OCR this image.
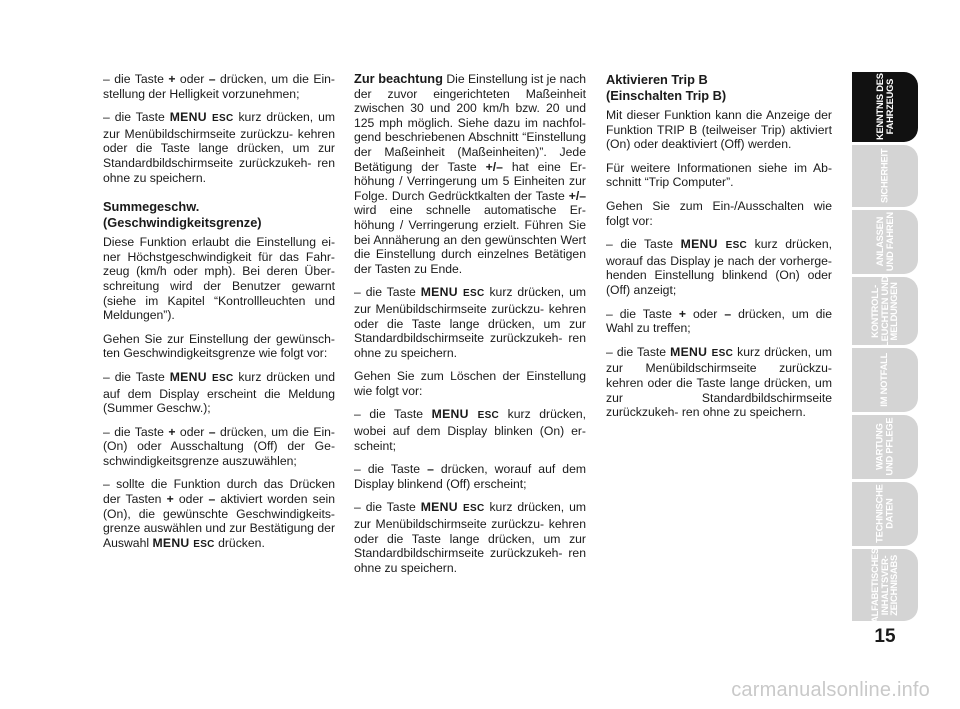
– die Taste + oder – drücken, um die Ein- stellung der Helligkeit vorzunehmen;

– die Taste MENU ESC kurz drücken, um zur Menübildschirmseite zurückzu- kehren oder die Taste lange drücken, um zur Standardbildschirmseite zurückzukeh- ren ohne zu speichern.

Summegeschw.
(Geschwindigkeitsgrenze)

Diese Funktion erlaubt die Einstellung ei- ner Höchstgeschwindigkeit für das Fahr- zeug (km/h oder mph). Bei deren Über- schreitung wird der Benutzer gewarnt (siehe im Kapitel “Kontrollleuchten und Meldungen”).

Gehen Sie zur Einstellung der gewünsch- ten Geschwindigkeitsgrenze wie folgt vor:

– die Taste MENU ESC kurz drücken und auf dem Display erscheint die Meldung (Summer Geschw.);

– die Taste + oder – drücken, um die Ein- (On) oder Ausschaltung (Off) der Ge- schwindigkeitsgrenze auszuwählen;

– sollte die Funktion durch das Drücken der Tasten + oder – aktiviert worden sein (On), die gewünschte Geschwindigkeits- grenze auswählen und zur Bestätigung der Auswahl MENU ESC drücken.

Zur beachtung Die Einstellung ist je nach der zuvor eingerichteten Maßeinheit zwischen 30 und 200 km/h bzw. 20 und 125 mph möglich. Siehe dazu im nachfol- gend beschriebenen Abschnitt “Einstellung der Maßeinheit (Maßeinheiten)”. Jede Betätigung der Taste +/– hat eine Er- höhung / Verringerung um 5 Einheiten zur Folge. Durch Gedrücktkalten der Taste +/– wird eine schnelle automatische Er- höhung / Verringerung erzielt. Führen Sie bei Annäherung an den gewünschten Wert die Einstellung durch einzelnes Betätigen der Tasten zu Ende.

– die Taste MENU ESC kurz drücken, um zur Menübildschirmseite zurückzu- kehren oder die Taste lange drücken, um zur Standardbildschirmseite zurückzukeh- ren ohne zu speichern.

Gehen Sie zum Löschen der Einstellung wie folgt vor:

– die Taste MENU ESC kurz drücken, wobei auf dem Display blinken (On) er- scheint;

– die Taste – drücken, worauf auf dem Display blinkend (Off) erscheint;

– die Taste MENU ESC kurz drücken, um zur Menübildschirmseite zurückzu- kehren oder die Taste lange drücken, um zur Standardbildschirmseite zurückzukeh- ren ohne zu speichern.

Aktivieren Trip B
(Einschalten Trip B)

Mit dieser Funktion kann die Anzeige der Funktion TRIP B (teilweiser Trip) aktiviert (On) oder deaktiviert (Off) werden.

Für weitere Informationen siehe im Ab- schnitt “Trip Computer”.

Gehen Sie zum Ein-/Ausschalten wie folgt vor:

– die Taste MENU ESC kurz drücken, worauf das Display je nach der vorherge- henden Einstellung blinkend (On) oder (Off) anzeigt;

– die Taste + oder – drücken, um die Wahl zu treffen;

– die Taste MENU ESC kurz drücken, um zur Menübildschirmseite zurückzu- kehren oder die Taste lange drücken, um zur Standardbildschirmseite zurückzukeh- ren ohne zu speichern.

KENNTNIS DES
FAHRZEUGS
SICHERHEIT
ANLASSEN
UND FAHREN
KONTROLL-
LEUCHTEN UND
MELDUNGEN
IM NOTFALL
WARTUNG
UND PFLEGE
TECHNISCHE
DATEN
ALFABETISCHES
INHALTSVER-
ZEICHNISABS
15
carmanualsonline.info
